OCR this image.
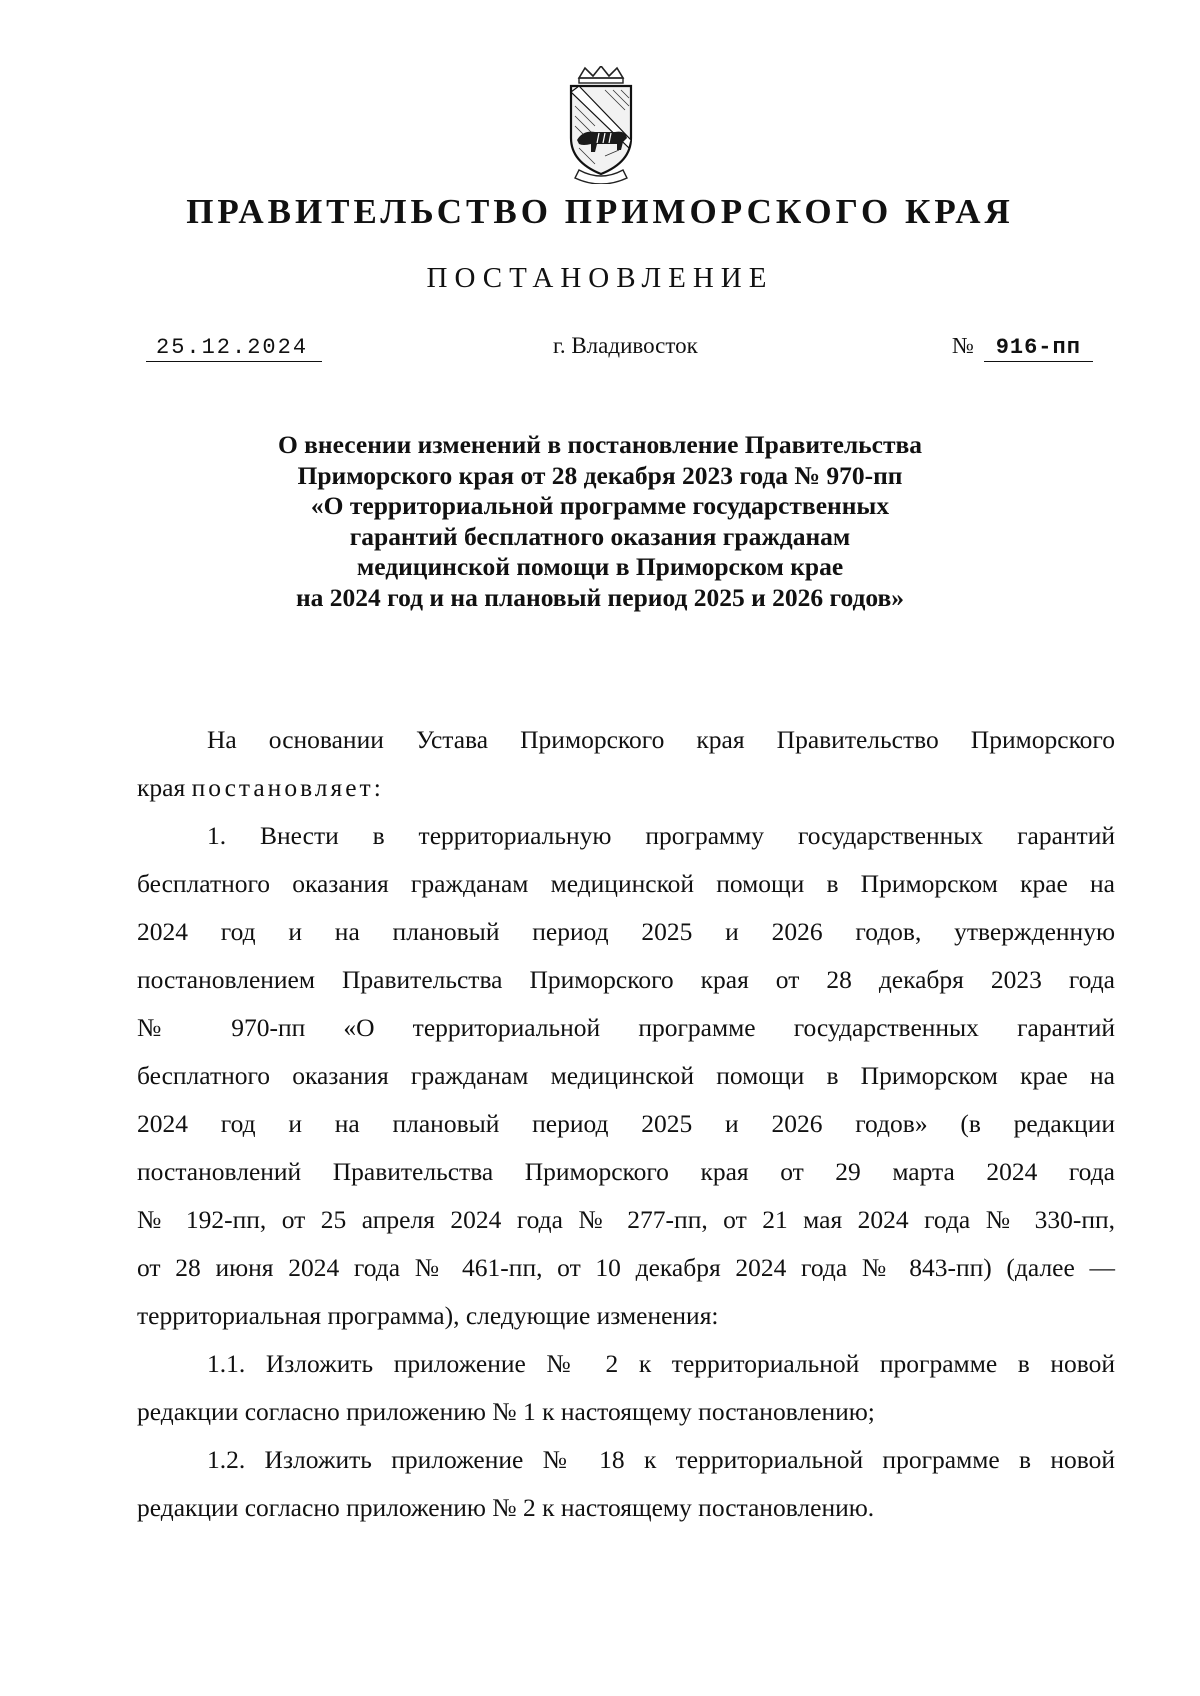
ПРАВИТЕЛЬСТВО ПРИМОРСКОГО КРАЯ
ПОСТАНОВЛЕНИЕ
25.12.2024	г. Владивосток	№ 916-пп
О внесении изменений в постановление Правительства
Приморского края от 28 декабря 2023 года № 970-пп
«О территориальной программе государственных
гарантий бесплатного оказания гражданам
медицинской помощи в Приморском крае
на 2024 год и на плановый период 2025 и 2026 годов»
На основании Устава Приморского края Правительство Приморского
края постановляет:
1. Внести в территориальную программу государственных гарантий
бесплатного оказания гражданам медицинской помощи в Приморском крае на
2024 год и на плановый период 2025 и 2026 годов, утвержденную
постановлением Правительства Приморского края от 28 декабря 2023 года
№ 970-пп «О территориальной программе государственных гарантий
бесплатного оказания гражданам медицинской помощи в Приморском крае на
2024 год и на плановый период 2025 и 2026 годов» (в редакции
постановлений Правительства Приморского края от 29 марта 2024 года
№ 192-пп, от 25 апреля 2024 года № 277-пп, от 21 мая 2024 года № 330-пп,
от 28 июня 2024 года № 461-пп, от 10 декабря 2024 года № 843-пп) (далее —
территориальная программа), следующие изменения:
1.1. Изложить приложение № 2 к территориальной программе в новой
редакции согласно приложению № 1 к настоящему постановлению;
1.2. Изложить приложение № 18 к территориальной программе в новой
редакции согласно приложению № 2 к настоящему постановлению.
